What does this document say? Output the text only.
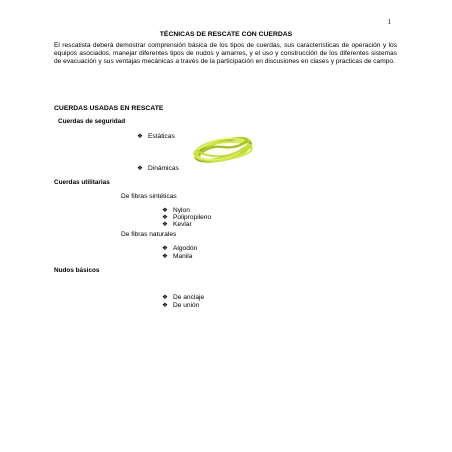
1
TÉCNICAS DE RESCATE CON CUERDAS
El rescatista deberá demostrar comprensión básica de los tipos de cuerdas, sus características de operación y los equipos asociados, manejar diferentes tipos de nudos y amarres, y el uso y construcción de los diferentes sistemas de evacuación y sus ventajas mecánicas a través de la participación en discusiones en clases y practicas de campo.
CUERDAS USADAS EN RESCATE
Cuerdas de seguridad
❖ Estáticas
❖ Dinámicas
Cuerdas utilitarias
De fibras sintéticas
❖ Nylon
❖ Polipropileno
❖ Kevlar
De fibras naturales
❖ Algodón
❖ Manila
Nudos básicos
❖ De anclaje
❖ De unión
